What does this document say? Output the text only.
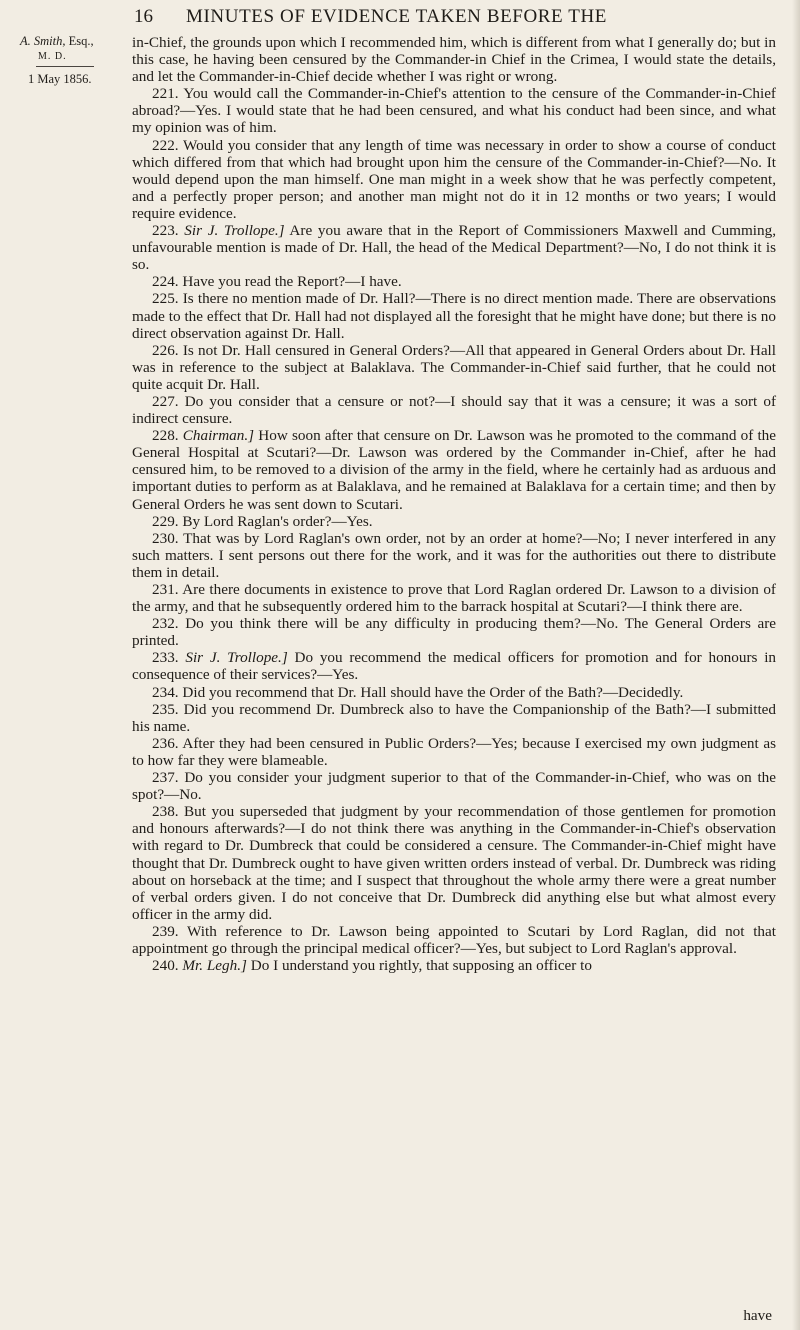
16 MINUTES OF EVIDENCE TAKEN BEFORE THE
A. Smith, Esq.,
M. D.
1 May 1856.

in-Chief, the grounds upon which I recommended him, which is different from what I generally do; but in this case, he having been censured by the Commander-in Chief in the Crimea, I would state the details, and let the Commander-in-Chief decide whether I was right or wrong.

221. You would call the Commander-in-Chief's attention to the censure of the Commander-in-Chief abroad?—Yes. I would state that he had been censured, and what his conduct had been since, and what my opinion was of him.

222. Would you consider that any length of time was necessary in order to show a course of conduct which differed from that which had brought upon him the censure of the Commander-in-Chief?—No. It would depend upon the man himself. One man might in a week show that he was perfectly competent, and a perfectly proper person; and another man might not do it in 12 months or two years; I would require evidence.

223. Sir J. Trollope.] Are you aware that in the Report of Commissioners Maxwell and Cumming, unfavourable mention is made of Dr. Hall, the head of the Medical Department?—No, I do not think it is so.

224. Have you read the Report?—I have.

225. Is there no mention made of Dr. Hall?—There is no direct mention made. There are observations made to the effect that Dr. Hall had not displayed all the foresight that he might have done; but there is no direct observation against Dr. Hall.

226. Is not Dr. Hall censured in General Orders?—All that appeared in General Orders about Dr. Hall was in reference to the subject at Balaklava. The Commander-in-Chief said further, that he could not quite acquit Dr. Hall.

227. Do you consider that a censure or not?—I should say that it was a censure; it was a sort of indirect censure.

228. Chairman.] How soon after that censure on Dr. Lawson was he promoted to the command of the General Hospital at Scutari?—Dr. Lawson was ordered by the Commander in-Chief, after he had censured him, to be removed to a division of the army in the field, where he certainly had as arduous and important duties to perform as at Balaklava, and he remained at Balaklava for a certain time; and then by General Orders he was sent down to Scutari.

229. By Lord Raglan's order?—Yes.

230. That was by Lord Raglan's own order, not by an order at home?—No; I never interfered in any such matters. I sent persons out there for the work, and it was for the authorities out there to distribute them in detail.

231. Are there documents in existence to prove that Lord Raglan ordered Dr. Lawson to a division of the army, and that he subsequently ordered him to the barrack hospital at Scutari?—I think there are.

232. Do you think there will be any difficulty in producing them?—No. The General Orders are printed.

233. Sir J. Trollope.] Do you recommend the medical officers for promotion and for honours in consequence of their services?—Yes.

234. Did you recommend that Dr. Hall should have the Order of the Bath?—Decidedly.

235. Did you recommend Dr. Dumbreck also to have the Companionship of the Bath?—I submitted his name.

236. After they had been censured in Public Orders?—Yes; because I exercised my own judgment as to how far they were blameable.

237. Do you consider your judgment superior to that of the Commander-in-Chief, who was on the spot?—No.

238. But you superseded that judgment by your recommendation of those gentlemen for promotion and honours afterwards?—I do not think there was anything in the Commander-in-Chief's observation with regard to Dr. Dumbreck that could be considered a censure. The Commander-in-Chief might have thought that Dr. Dumbreck ought to have given written orders instead of verbal. Dr. Dumbreck was riding about on horseback at the time; and I suspect that throughout the whole army there were a great number of verbal orders given. I do not conceive that Dr. Dumbreck did anything else but what almost every officer in the army did.

239. With reference to Dr. Lawson being appointed to Scutari by Lord Raglan, did not that appointment go through the principal medical officer?—Yes, but subject to Lord Raglan's approval.

240. Mr. Legh.] Do I understand you rightly, that supposing an officer to

have
